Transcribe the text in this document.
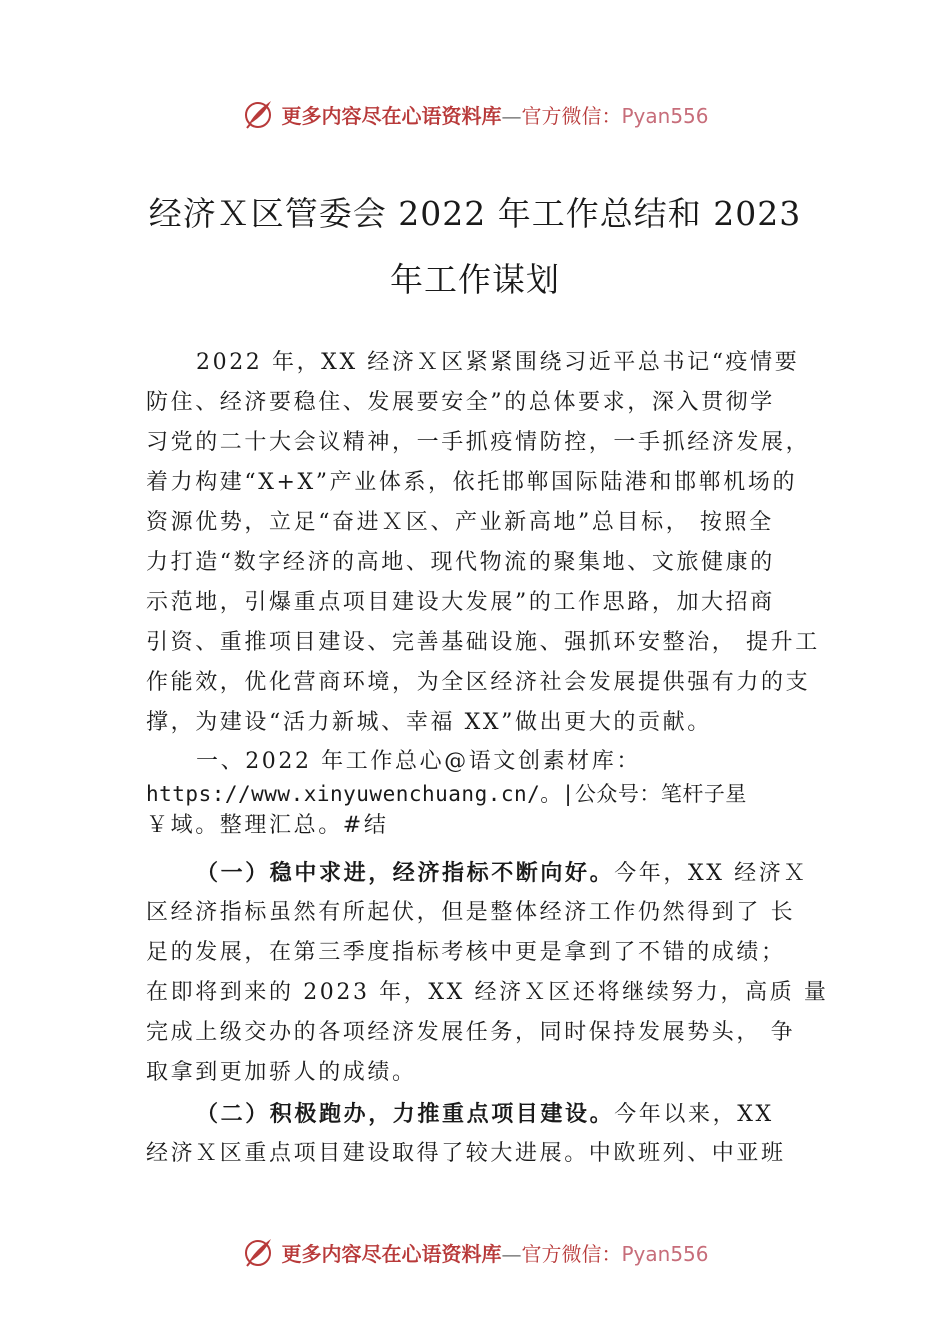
更多内容尽在心语资料库—官方微信：Pyan556
经济Ｘ区管委会 2022 年工作总结和 2023
年工作谋划
2022 年，XX 经济Ｘ区紧紧围绕习近平总书记“疫情要
防住、经济要稳住、发展要安全”的总体要求，深入贯彻学
习党的二十大会议精神，一手抓疫情防控，一手抓经济发展，
着力构建“X+X”产业体系，依托邯郸国际陆港和邯郸机场的
资源优势，立足“奋进Ｘ区、产业新高地”总目标， 按照全
力打造“数字经济的高地、现代物流的聚集地、文旅健康的
示范地，引爆重点项目建设大发展”的工作思路，加大招商
引资、重推项目建设、完善基础设施、强抓环安整治， 提升工
作能效，优化营商环境，为全区经济社会发展提供强有力的支
撑，为建设“活力新城、幸福 XX”做出更大的贡献。
一、2022 年工作总心@语文创素材库：
https://www.xinyuwenchuang.cn/。|公众号：笔杆子星
￥域。整理汇总。#结
（一）稳中求进，经济指标不断向好。今年，XX 经济Ｘ
区经济指标虽然有所起伏，但是整体经济工作仍然得到了 长
足的发展，在第三季度指标考核中更是拿到了不错的成绩；
在即将到来的 2023 年，XX 经济Ｘ区还将继续努力，高质 量
完成上级交办的各项经济发展任务，同时保持发展势头， 争
取拿到更加骄人的成绩。
（二）积极跑办，力推重点项目建设。今年以来，XX
经济Ｘ区重点项目建设取得了较大进展。中欧班列、中亚班
更多内容尽在心语资料库—官方微信：Pyan556
